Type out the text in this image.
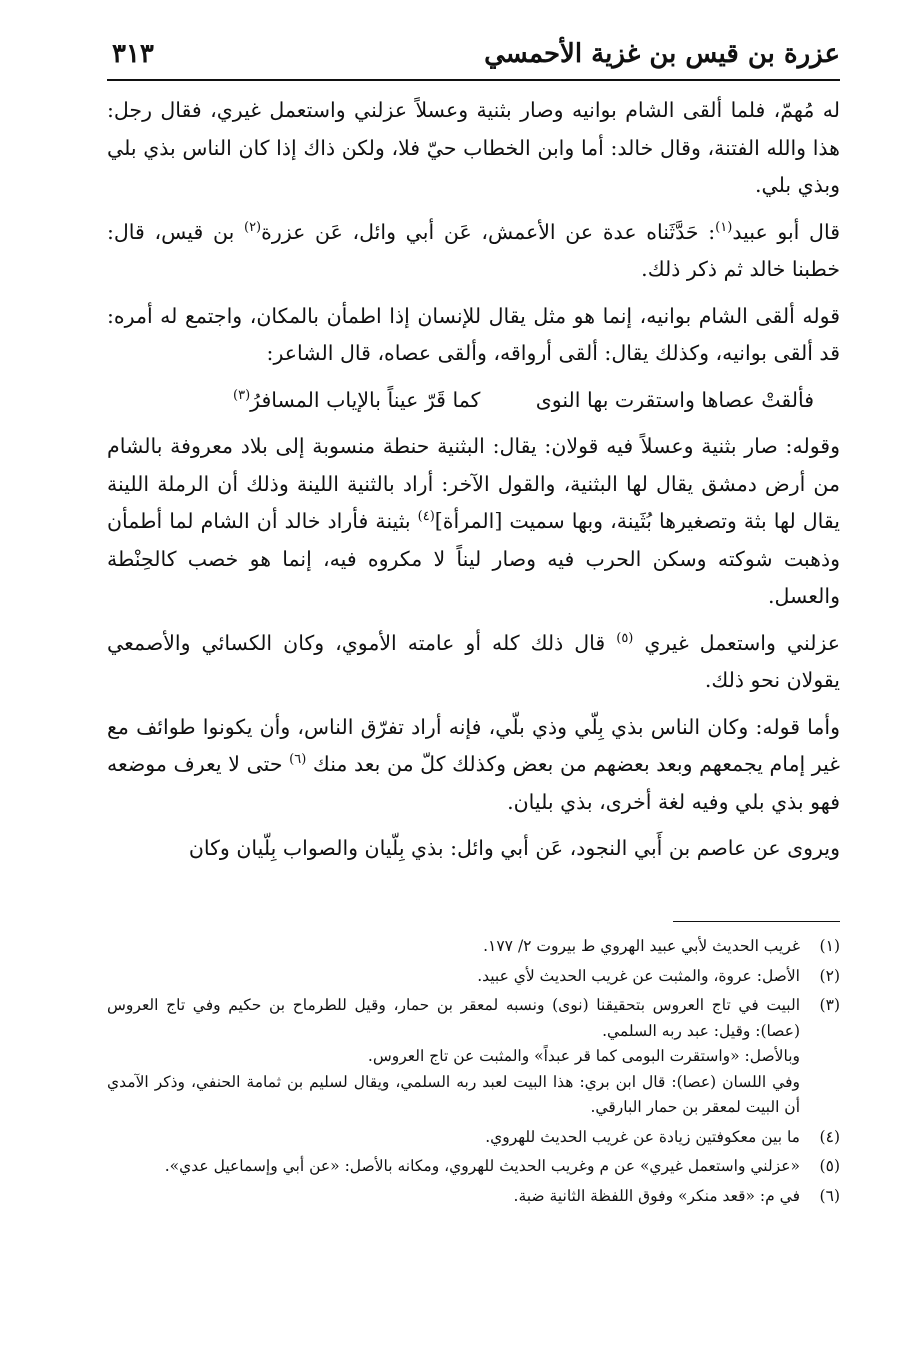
عزرة بن قيس بن غزية الأحمسي
٣١٣

له مُهمّ، فلما ألقى الشام بوانيه وصار بثنية وعسلاً عزلني واستعمل غيري، فقال رجل: هذا والله الفتنة، وقال خالد: أما وابن الخطاب حيّ فلا، ولكن ذاك إذا كان الناس بذي بلي وبذي بلي.

قال أبو عبيد$^{(١)}$: حَدَّثَناه عدة عن الأعمش، عَن أبي وائل، عَن عزرة$^{(٢)}$ بن قيس، قال: خطبنا خالد ثم ذكر ذلك.

قوله ألقى الشام بوانيه، إنما هو مثل يقال للإنسان إذا اطمأن بالمكان، واجتمع له أمره: قد ألقى بوانيه، وكذلك يقال: ألقى أرواقه، وألقى عصاه، قال الشاعر:

فألقتْ عصاها واستقرت بها النوى
كما قَرّ عيناً بالإياب المسافرُ$^{(٣)}$

وقوله: صار بثنية وعسلاً فيه قولان: يقال: البثنية حنطة منسوبة إلى بلاد معروفة بالشام من أرض دمشق يقال لها البثنية، والقول الآخر: أراد بالثنية اللينة وذلك أن الرملة اللينة يقال لها بثة وتصغيرها بُثَينة، وبها سميت [المرأة]$^{(٤)}$ بثينة فأراد خالد أن الشام لما أطمأن وذهبت شوكته وسكن الحرب فيه وصار ليناً لا مكروه فيه، إنما هو خصب كالحِنْطة والعسل.

عزلني واستعمل غيري $^{(٥)}$ قال ذلك كله أو عامته الأموي، وكان الكسائي والأصمعي يقولان نحو ذلك.

وأما قوله: وكان الناس بذي بِلّي وذي بلّي، فإنه أراد تفرّق الناس، وأن يكونوا طوائف مع غير إمام يجمعهم وبعد بعضهم من بعض وكذلك كلّ من بعد منك $^{(٦)}$ حتى لا يعرف موضعه فهو بذي بلي وفيه لغة أخرى، بذي بليان.

ويروى عن عاصم بن أَبي النجود، عَن أبي وائل: بذي بِلّيان والصواب بِلّيان وكان

(١)
غريب الحديث لأبي عبيد الهروي ط بيروت ٢/ ١٧٧.
(٢)
الأصل: عروة، والمثبت عن غريب الحديث لأي عبيد.
(٣)
البيت في تاج العروس بتحقيقنا (نوى) ونسبه لمعقر بن حمار، وقيل للطرماح بن حكيم وفي تاج العروس (عصا): وقيل: عبد ربه السلمي.
وبالأصل: «واستقرت البومى كما قر عبداً» والمثبت عن تاج العروس.
وفي اللسان (عصا): قال ابن بري: هذا البيت لعبد ربه السلمي، ويقال لسليم بن ثمامة الحنفي، وذكر الآمدي أن البيت لمعقر بن حمار البارقي.
(٤)
ما بين معكوفتين زيادة عن غريب الحديث للهروي.
(٥)
«عزلني واستعمل غيري» عن م وغريب الحديث للهروي، ومكانه بالأصل: «عن أبي وإسماعيل عدي».
(٦)
في م: «قعد منكر» وفوق اللفظة الثانية ضبة.
